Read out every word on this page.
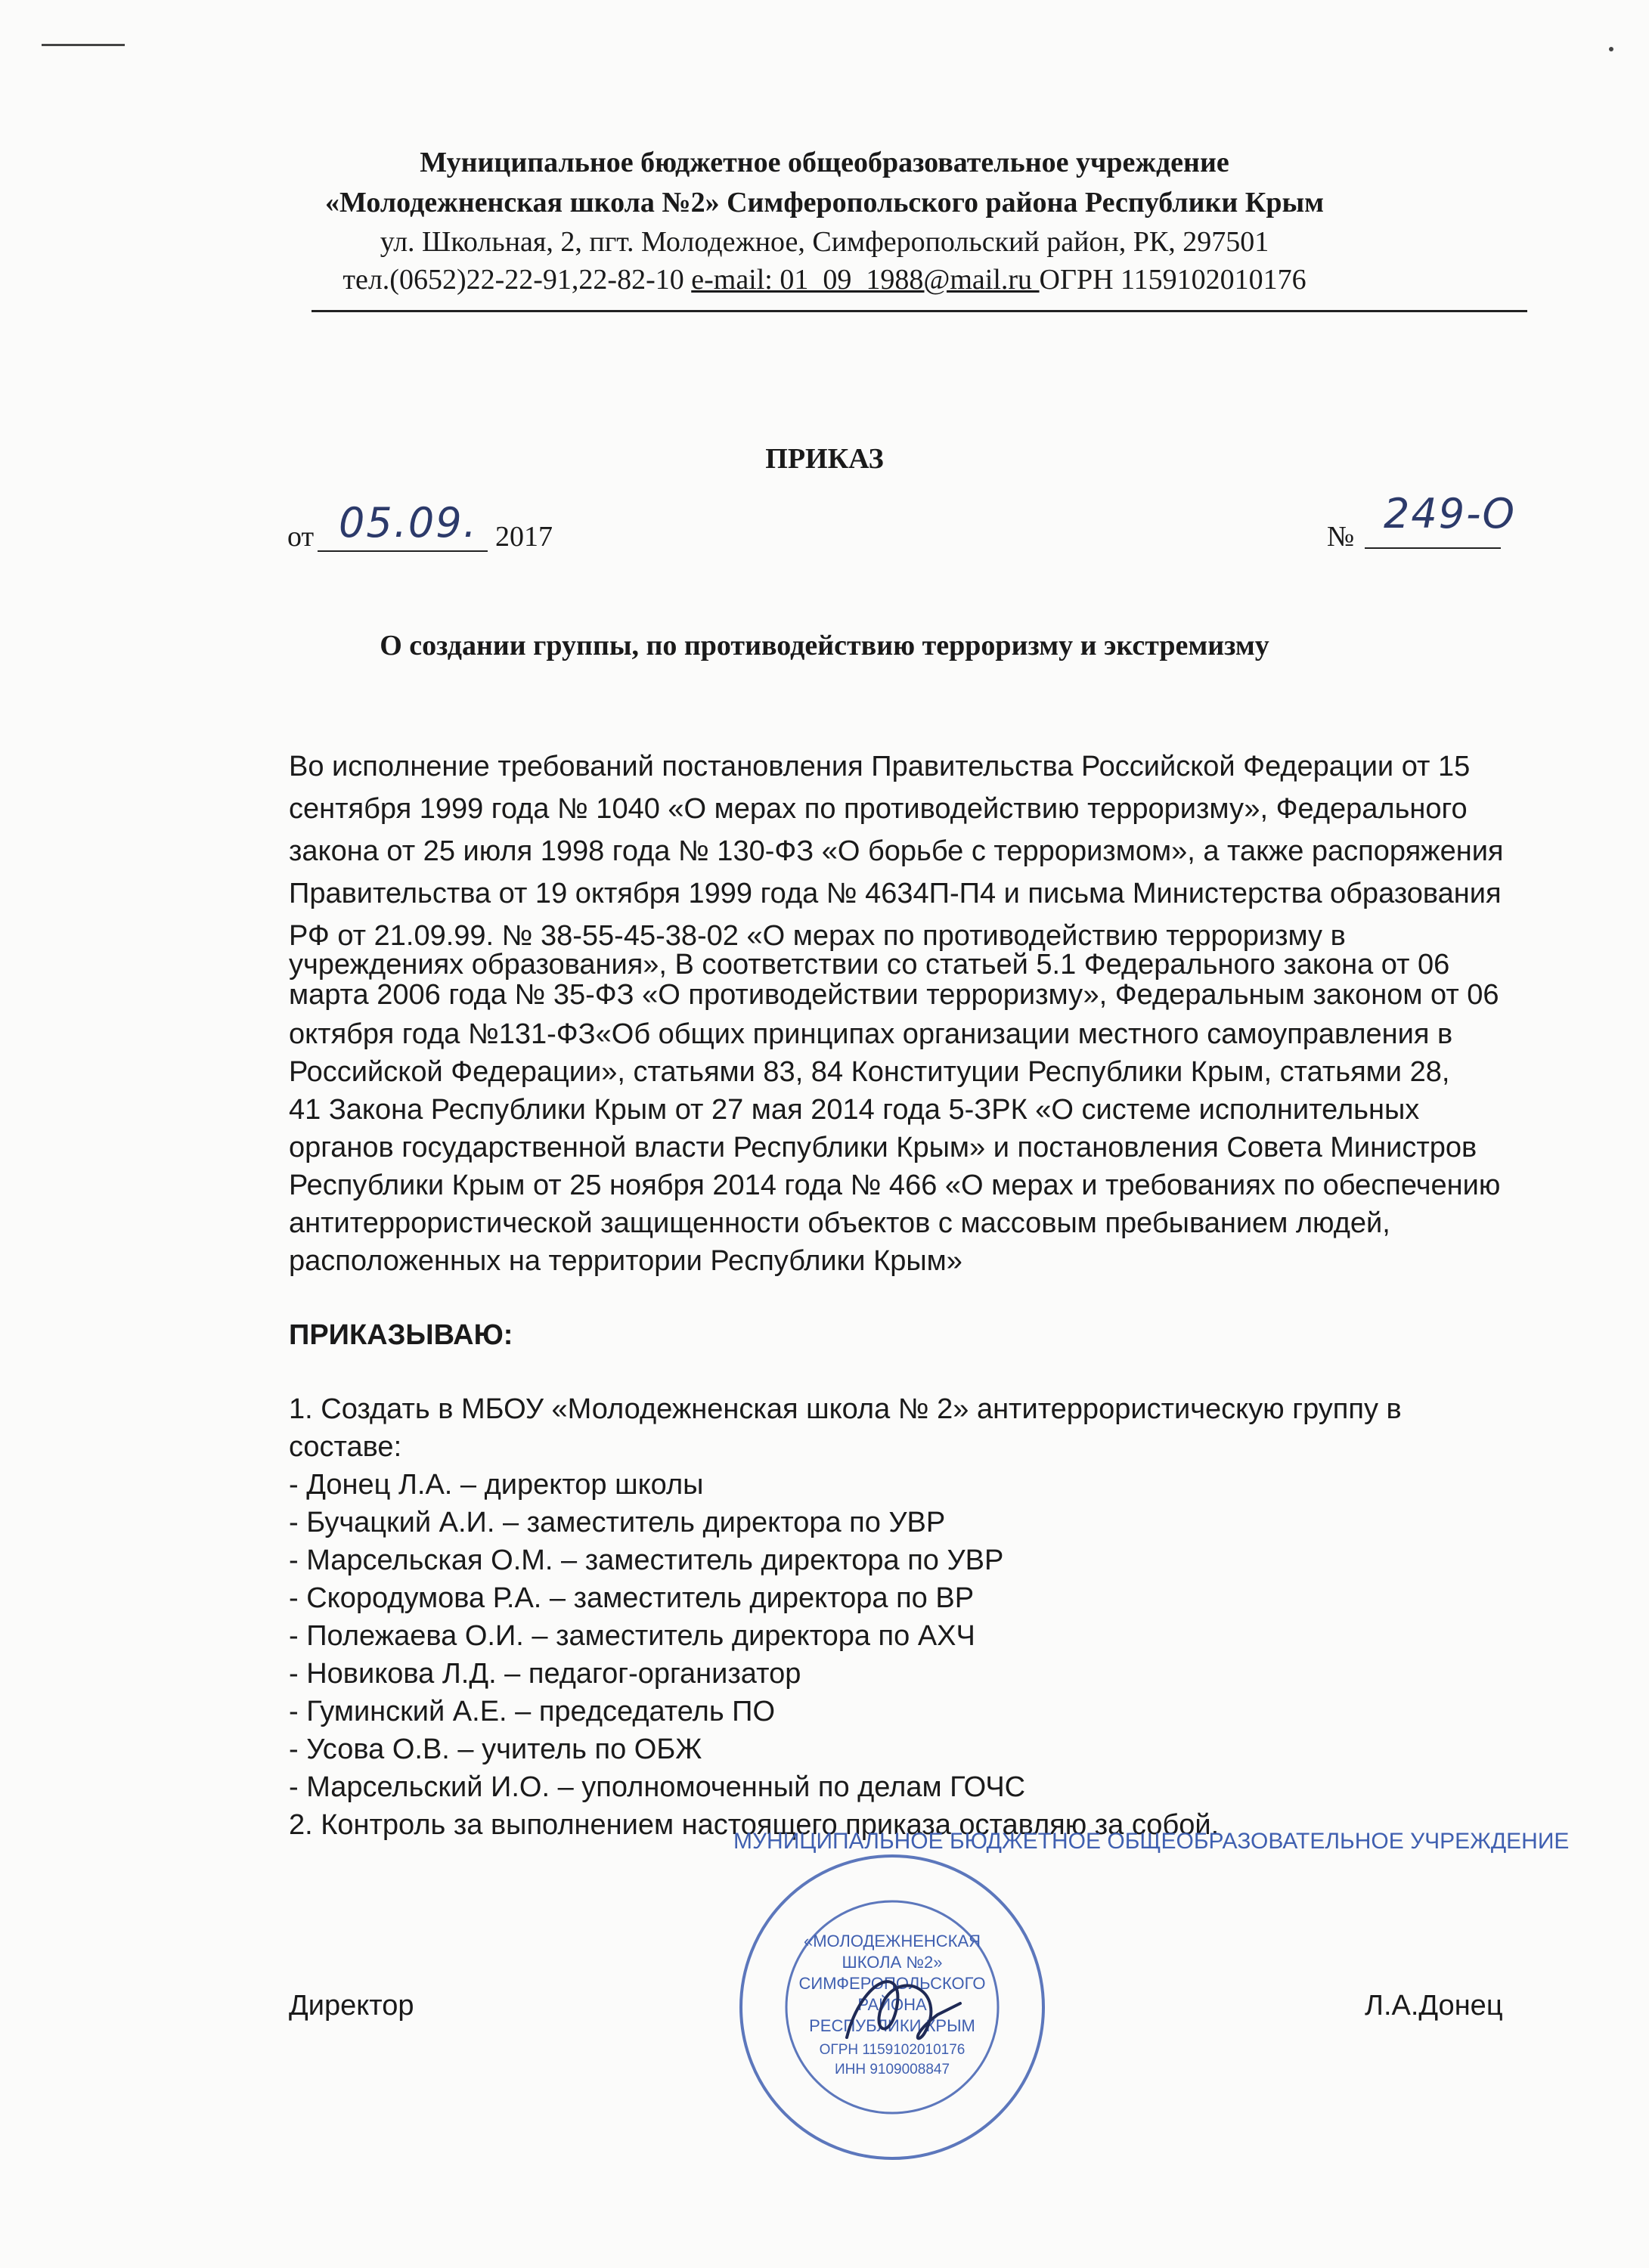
Муниципальное бюджетное общеобразовательное учреждение
«Молодежненская школа №2» Симферопольского района Республики Крым
ул. Школьная, 2, пгт. Молодежное, Симферопольский район, РК, 297501
тел.(0652)22-22-91,22-82-10 e-mail: 01_09_1988@mail.ru ОГРН 1159102010176
ПРИКАЗ
от 05.09. 2017	№ 249-О
О создании группы, по противодействию терроризму и экстремизму
Во исполнение требований постановления Правительства Российской Федерации от 15
сентября 1999 года № 1040 «О мерах по противодействию терроризму», Федерального
закона от 25 июля 1998 года № 130-ФЗ «О борьбе с терроризмом», а также распоряжения
Правительства от 19 октября 1999 года № 4634П-П4 и письма Министерства образования
РФ от 21.09.99. № 38-55-45-38-02 «О мерах по противодействию терроризму в
учреждениях образования», В соответствии со статьей 5.1 Федерального закона от 06
марта 2006 года № 35-ФЗ «О противодействии терроризму», Федеральным законом от 06
октября года №131-ФЗ«Об общих принципах организации местного самоуправления в
Российской Федерации», статьями 83, 84 Конституции Республики Крым, статьями 28,
41 Закона Республики Крым от 27 мая 2014 года 5-ЗРК «О системе исполнительных
органов государственной власти Республики Крым» и постановления Совета Министров
Республики Крым от 25 ноября 2014 года № 466 «О мерах и требованиях по обеспечению
антитеррористической защищенности объектов с массовым пребыванием людей,
расположенных на территории Республики Крым»
ПРИКАЗЫВАЮ:
1. Создать в МБОУ «Молодежненская школа № 2» антитеррористическую группу в
составе:
- Донец Л.А. – директор школы
- Бучацкий А.И. – заместитель директора по УВР
- Марсельская О.М. – заместитель директора по УВР
- Скородумова Р.А. – заместитель директора по ВР
- Полежаева О.И. – заместитель директора по АХЧ
- Новикова Л.Д. – педагог-организатор
- Гуминский А.Е. – председатель ПО
- Усова О.В. – учитель по ОБЖ
- Марсельский И.О. – уполномоченный по делам ГОЧС
2. Контроль за выполнением настоящего приказа оставляю за собой.
Директор	Л.А.Донец
МУНИЦИПАЛЬНОЕ БЮДЖЕТНОЕ ОБЩЕОБРАЗОВАТЕЛЬНОЕ УЧРЕЖДЕНИЕ
«МОЛОДЕЖНЕНСКАЯ
ШКОЛА №2»
СИМФЕРОПОЛЬСКОГО
РАЙОНА
РЕСПУБЛИКИ КРЫМ
ОГРН 1159102010176
ИНН 9109008847
